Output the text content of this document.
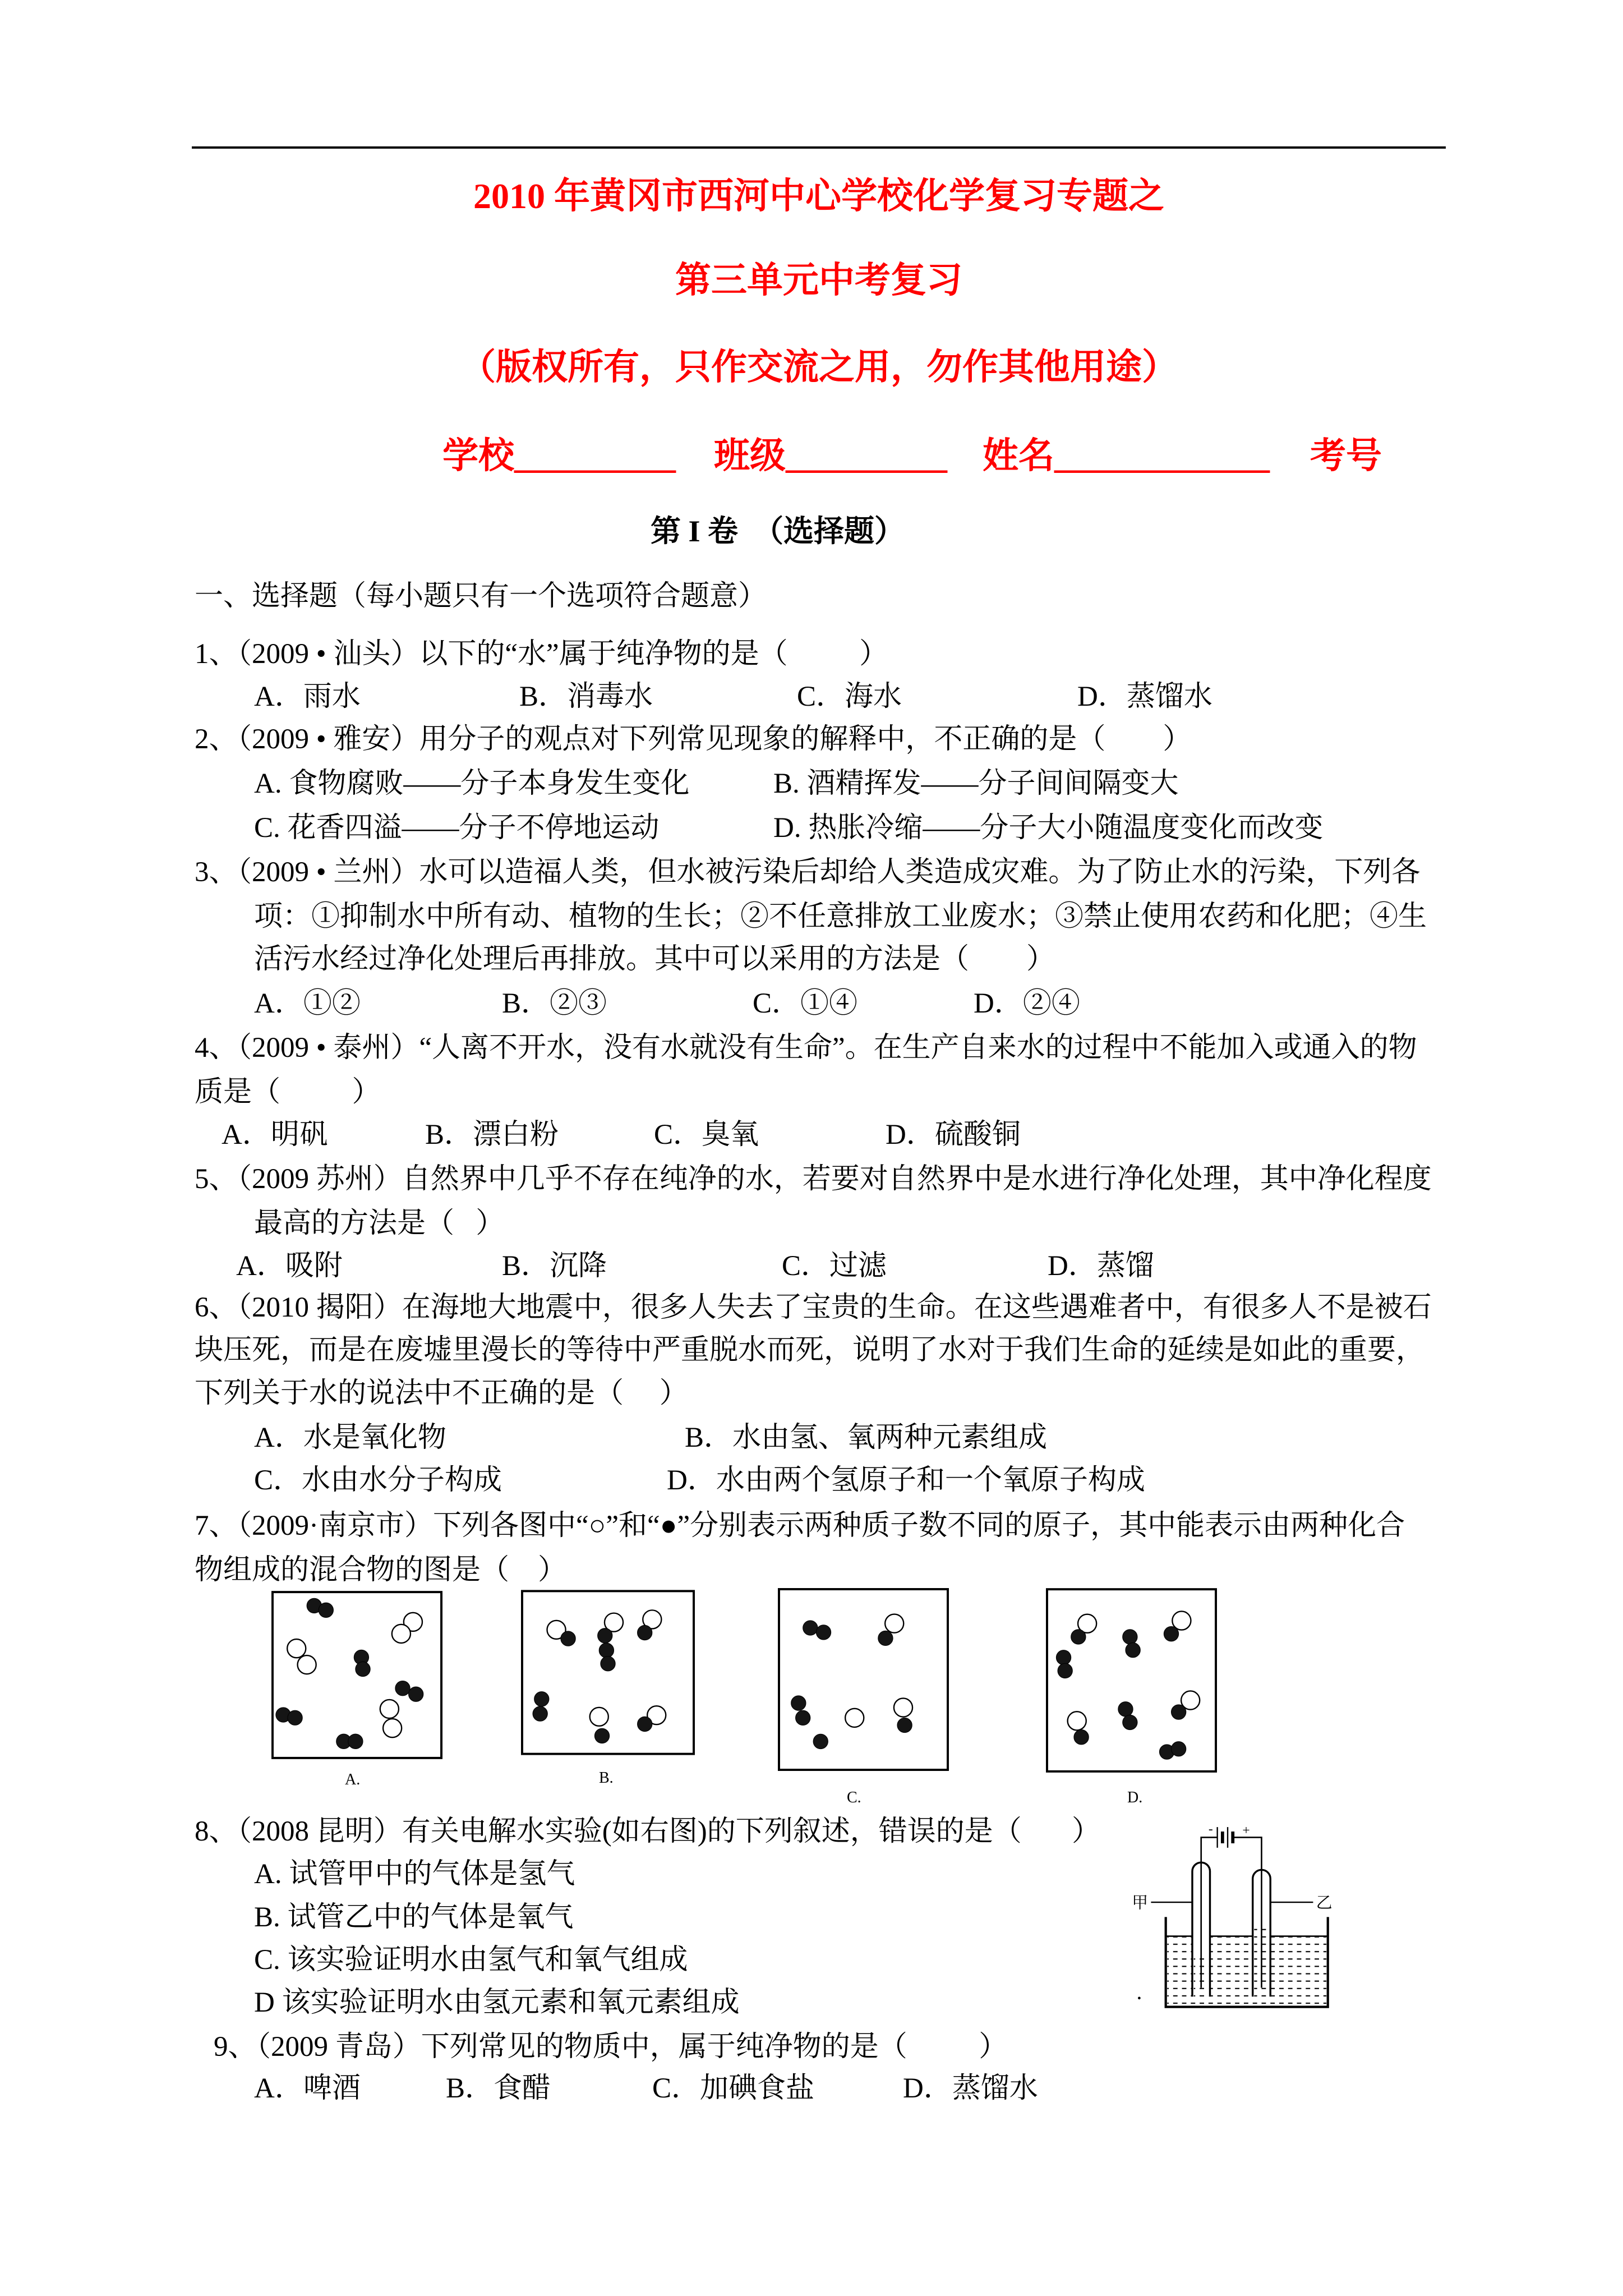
2010 年黄冈市西河中心学校化学复习专题之
第三单元中考复习
（版权所有，只作交流之用，勿作其他用途）
学校_________ 班级_________ 姓名____________ 考号
第 I 卷  （选择题）
一、选择题（每小题只有一个选项符合题意）
1、（2009 • 汕头）以下的“水”属于纯净物的是（          ）
A．雨水	B．消毒水	C．海水	D．蒸馏水
2、（2009 • 雅安）用分子的观点对下列常见现象的解释中，不正确的是（        ）
A. 食物腐败——分子本身发生变化	B. 酒精挥发——分子间间隔变大
C. 花香四溢——分子不停地运动	D. 热胀冷缩——分子大小随温度变化而改变
3、（2009 • 兰州）水可以造福人类，但水被污染后却给人类造成灾难。为了防止水的污染，下列各
项：①抑制水中所有动、植物的生长；②不任意排放工业废水；③禁止使用农药和化肥；④生
活污水经过净化处理后再排放。其中可以采用的方法是（        ）
A．①②	B．②③	C．①④	D．②④
4、（2009 • 泰州）“人离不开水，没有水就没有生命”。在生产自来水的过程中不能加入或通入的物
质是（          ）
A．明矾	B．漂白粉	C．臭氧	D．硫酸铜
5、（2009 苏州）自然界中几乎不存在纯净的水，若要对自然界中是水进行净化处理，其中净化程度
最高的方法是（   ）
A．吸附	B．沉降	C．过滤	D．蒸馏
6、（2010 揭阳）在海地大地震中，很多人失去了宝贵的生命。在这些遇难者中，有很多人不是被石
块压死，而是在废墟里漫长的等待中严重脱水而死，说明了水对于我们生命的延续是如此的重要，
下列关于水的说法中不正确的是（     ）
A．水是氧化物	B．水由氢、氧两种元素组成
C．水由水分子构成	D．水由两个氢原子和一个氧原子构成
7、（2009·南京市）下列各图中“○”和“●”分别表示两种质子数不同的原子，其中能表示由两种化合
物组成的混合物的图是（    ）
A.	B.
C.	D.
8、（2008 昆明）有关电解水实验(如右图)的下列叙述，错误的是（       ）
A. 试管甲中的气体是氢气
B. 试管乙中的气体是氧气
C. 该实验证明水由氢气和氧气组成
D 该实验证明水由氢元素和氧元素组成
-	+
甲	乙
9、（2009 青岛）下列常见的物质中，属于纯净物的是（          ）
A．啤酒	B．食醋	C．加碘食盐	D．蒸馏水
